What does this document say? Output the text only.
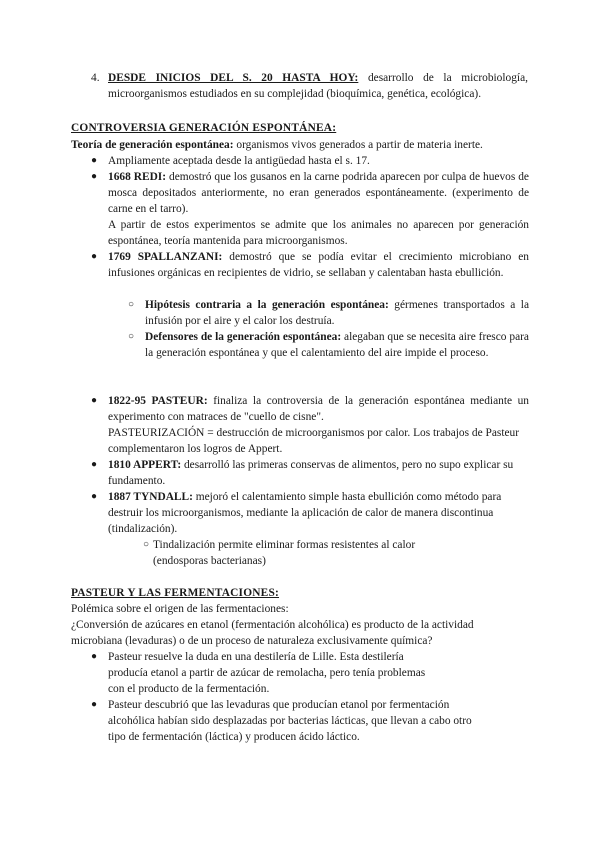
4. DESDE INICIOS DEL S. 20 HASTA HOY: desarrollo de la microbiología, microorganismos estudiados en su complejidad (bioquímica, genética, ecológica).
CONTROVERSIA GENERACIÓN ESPONTÁNEA:
Teoría de generación espontánea: organismos vivos generados a partir de materia inerte.
● Ampliamente aceptada desde la antigüedad hasta el s. 17.
● 1668 REDI: demostró que los gusanos en la carne podrida aparecen por culpa de huevos de mosca depositados anteriormente, no eran generados espontáneamente. (experimento de carne en el tarro).
A partir de estos experimentos se admite que los animales no aparecen por generación espontánea, teoría mantenida para microorganismos.
● 1769 SPALLANZANI: demostró que se podía evitar el crecimiento microbiano en infusiones orgánicas en recipientes de vidrio, se sellaban y calentaban hasta ebullición.
○ Hipótesis contraria a la generación espontánea: gérmenes transportados a la infusión por el aire y el calor los destruía.
○ Defensores de la generación espontánea: alegaban que se necesita aire fresco para la generación espontánea y que el calentamiento del aire impide el proceso.
● 1822-95 PASTEUR: finaliza la controversia de la generación espontánea mediante un experimento con matraces de "cuello de cisne".
PASTEURIZACIÓN = destrucción de microorganismos por calor. Los trabajos de Pasteur complementaron los logros de Appert.
● 1810 APPERT: desarrolló las primeras conservas de alimentos, pero no supo explicar su fundamento.
● 1887 TYNDALL: mejoró el calentamiento simple hasta ebullición como método para destruir los microorganismos, mediante la aplicación de calor de manera discontinua (tindalización).
○ Tindalización permite eliminar formas resistentes al calor (endosporas bacterianas)
PASTEUR Y LAS FERMENTACIONES:
Polémica sobre el origen de las fermentaciones:
¿Conversión de azúcares en etanol (fermentación alcohólica) es producto de la actividad microbiana (levaduras) o de un proceso de naturaleza exclusivamente química?
● Pasteur resuelve la duda en una destilería de Lille. Esta destilería producía etanol a partir de azúcar de remolacha, pero tenía problemas con el producto de la fermentación.
● Pasteur descubrió que las levaduras que producían etanol por fermentación alcohólica habían sido desplazadas por bacterias lácticas, que llevan a cabo otro tipo de fermentación (láctica) y producen ácido láctico.
